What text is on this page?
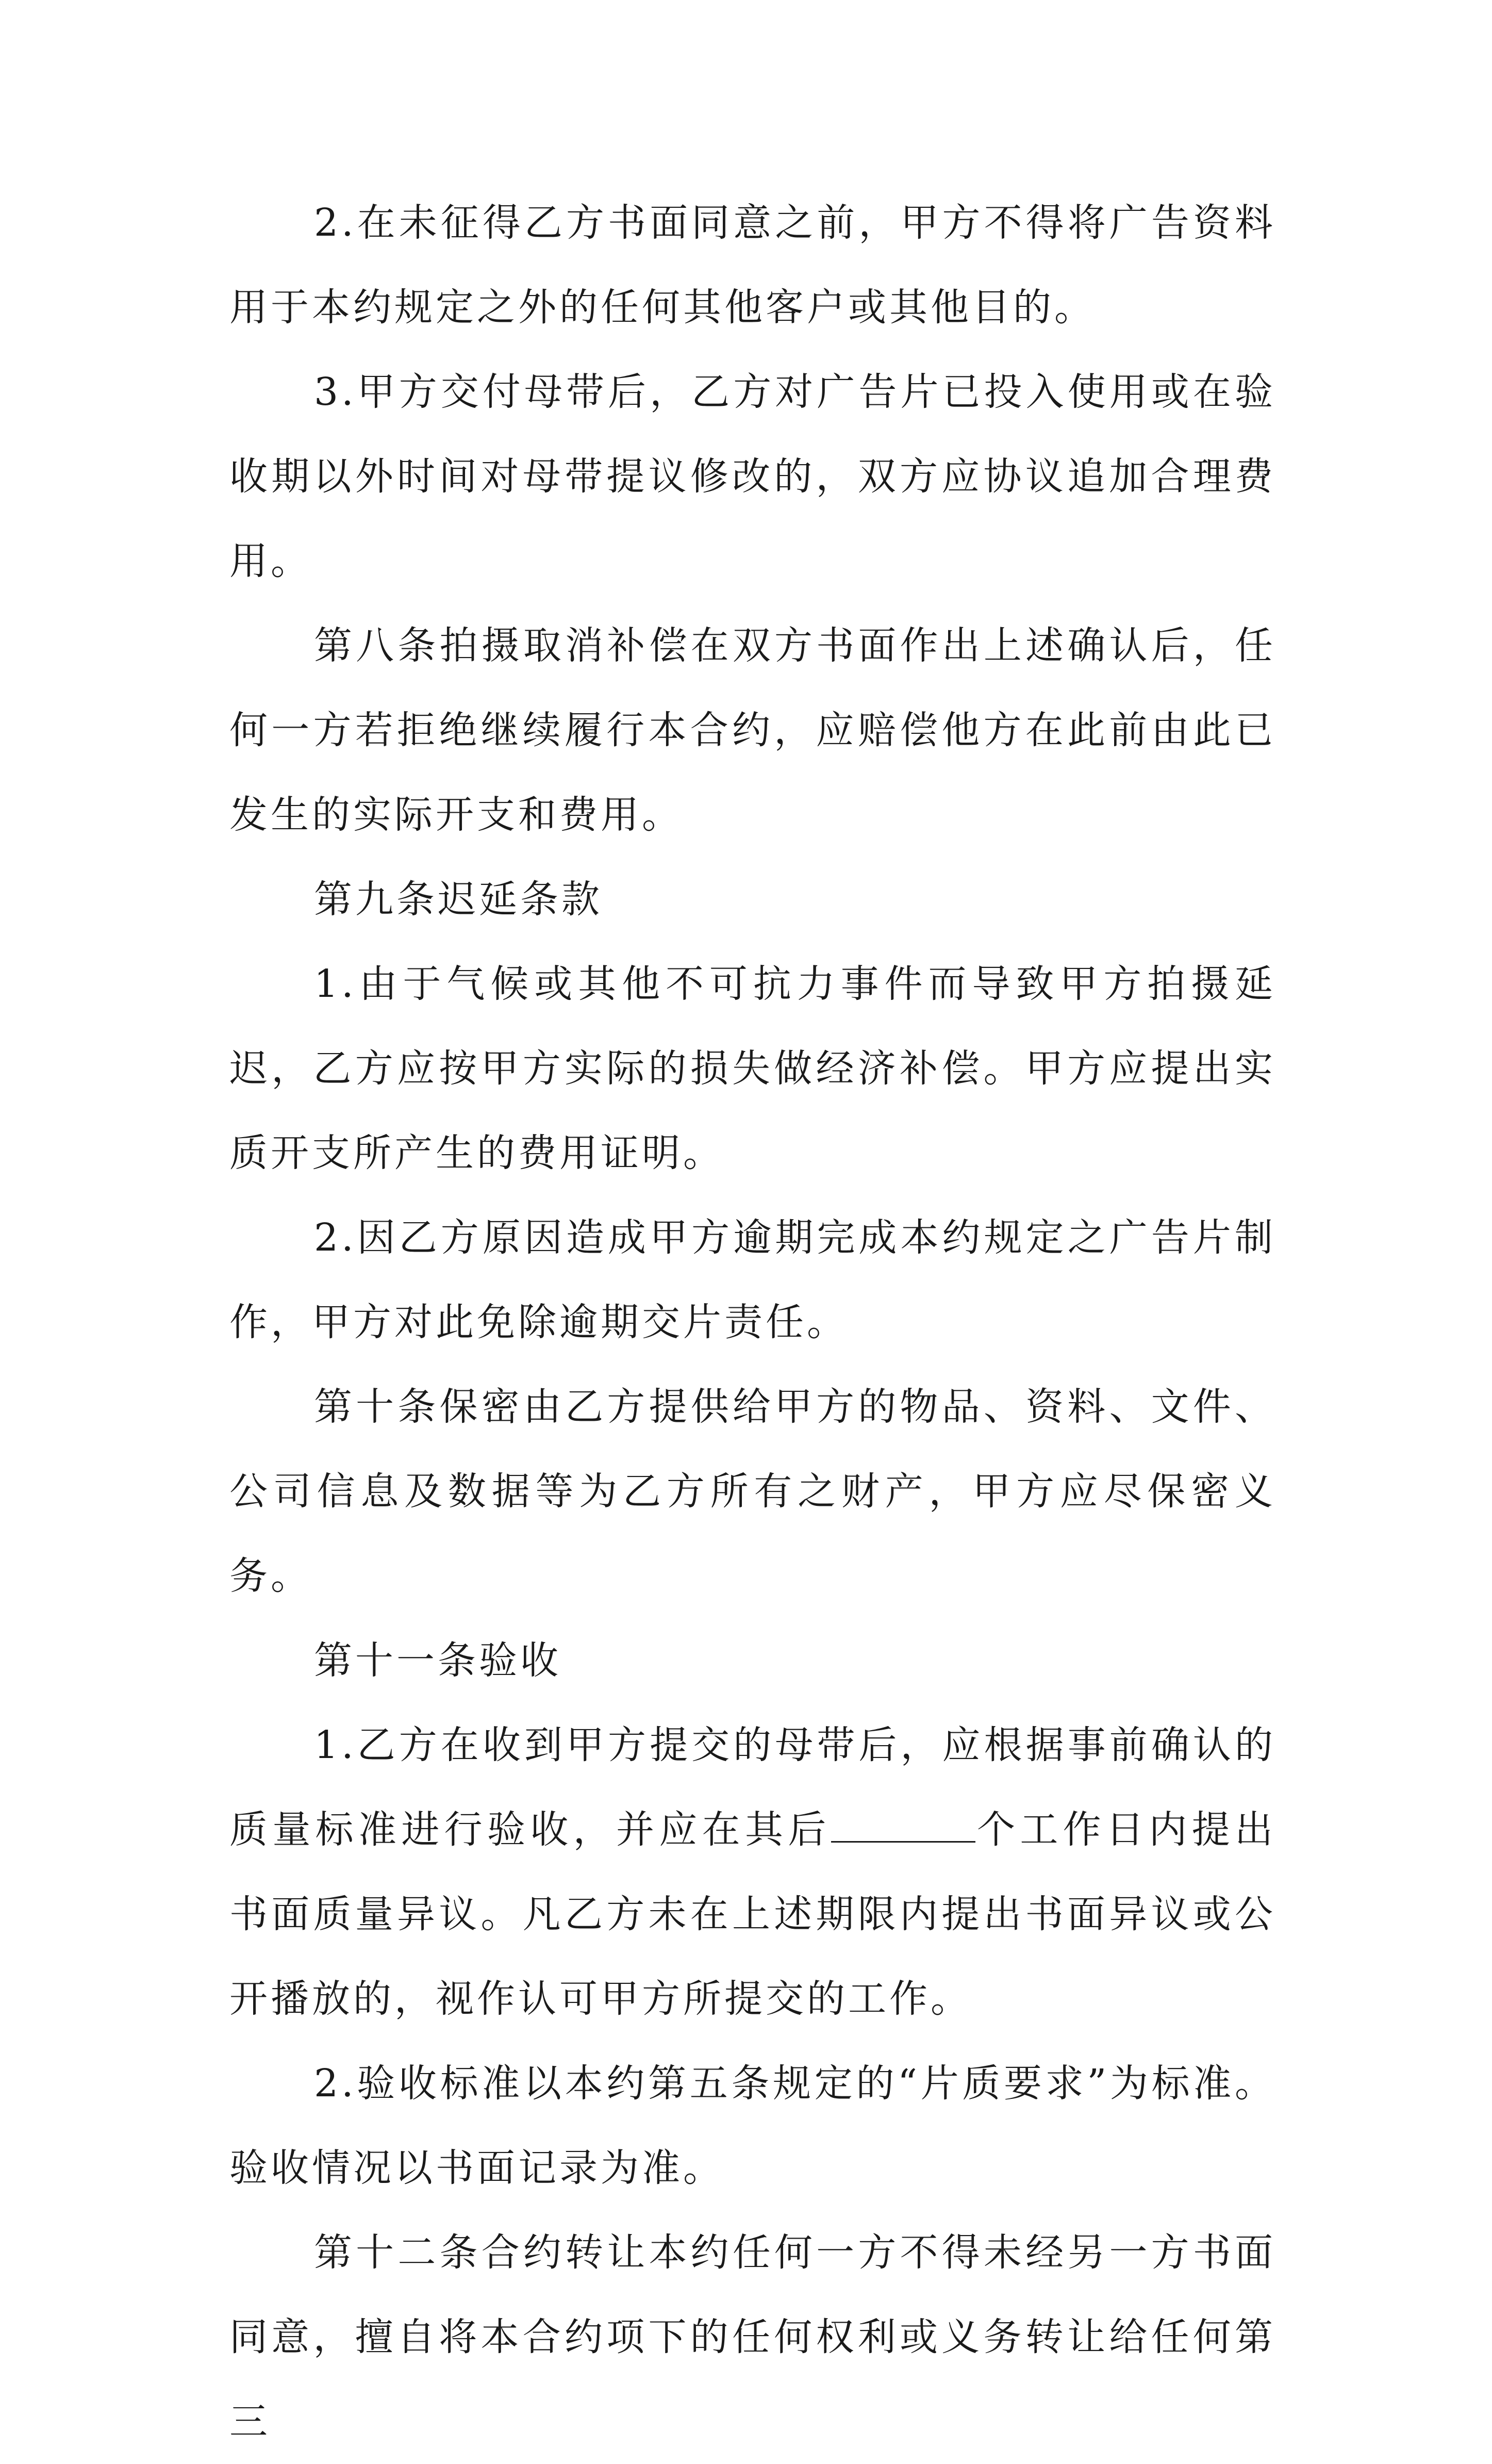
2.在未征得乙方书面同意之前，甲方不得将广告资料用于本约规定之外的任何其他客户或其他目的。

3.甲方交付母带后，乙方对广告片已投入使用或在验收期以外时间对母带提议修改的，双方应协议追加合理费用。

第八条拍摄取消补偿在双方书面作出上述确认后，任何一方若拒绝继续履行本合约，应赔偿他方在此前由此已发生的实际开支和费用。

第九条迟延条款

1.由于气候或其他不可抗力事件而导致甲方拍摄延迟，乙方应按甲方实际的损失做经济补偿。甲方应提出实质开支所产生的费用证明。

2.因乙方原因造成甲方逾期完成本约规定之广告片制作，甲方对此免除逾期交片责任。

第十条保密由乙方提供给甲方的物品、资料、文件、公司信息及数据等为乙方所有之财产，甲方应尽保密义务。

第十一条验收

1.乙方在收到甲方提交的母带后，应根据事前确认的质量标准进行验收，并应在其后	个工作日内提出书面质量异议。凡乙方未在上述期限内提出书面异议或公开播放的，视作认可甲方所提交的工作。

2.验收标准以本约第五条规定的“片质要求”为标准。验收情况以书面记录为准。

第十二条合约转让本约任何一方不得未经另一方书面同意，擅自将本合约项下的任何权利或义务转让给任何第三
